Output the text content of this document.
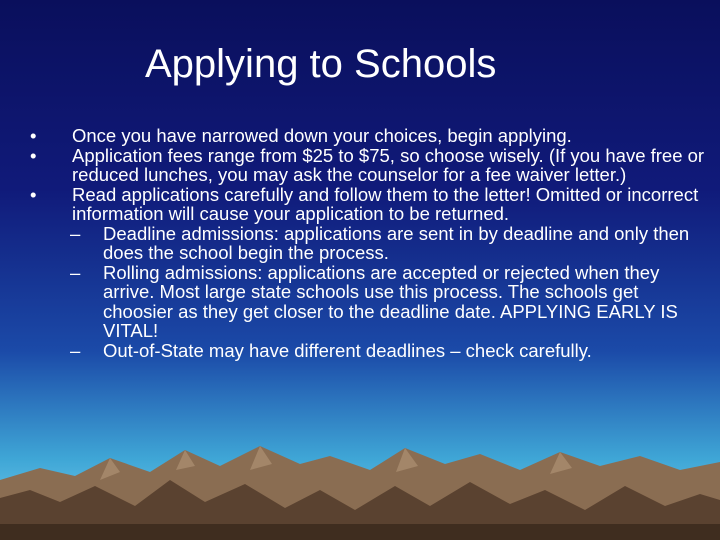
Applying to Schools
•	Once you have narrowed down your choices, begin applying.
•	Application fees range from $25 to $75, so choose wisely. (If you have free or reduced lunches, you may ask the counselor for a fee waiver letter.)
•	Read applications carefully and follow them to the letter! Omitted or incorrect information will cause your application to be returned.
– Deadline admissions: applications are sent in by deadline and only then does the school begin the process.
– Rolling admissions: applications are accepted or rejected when they arrive. Most large state schools use this process. The schools get choosier as they get closer to the deadline date. APPLYING EARLY IS VITAL!
– Out-of-State may have different deadlines – check carefully.
